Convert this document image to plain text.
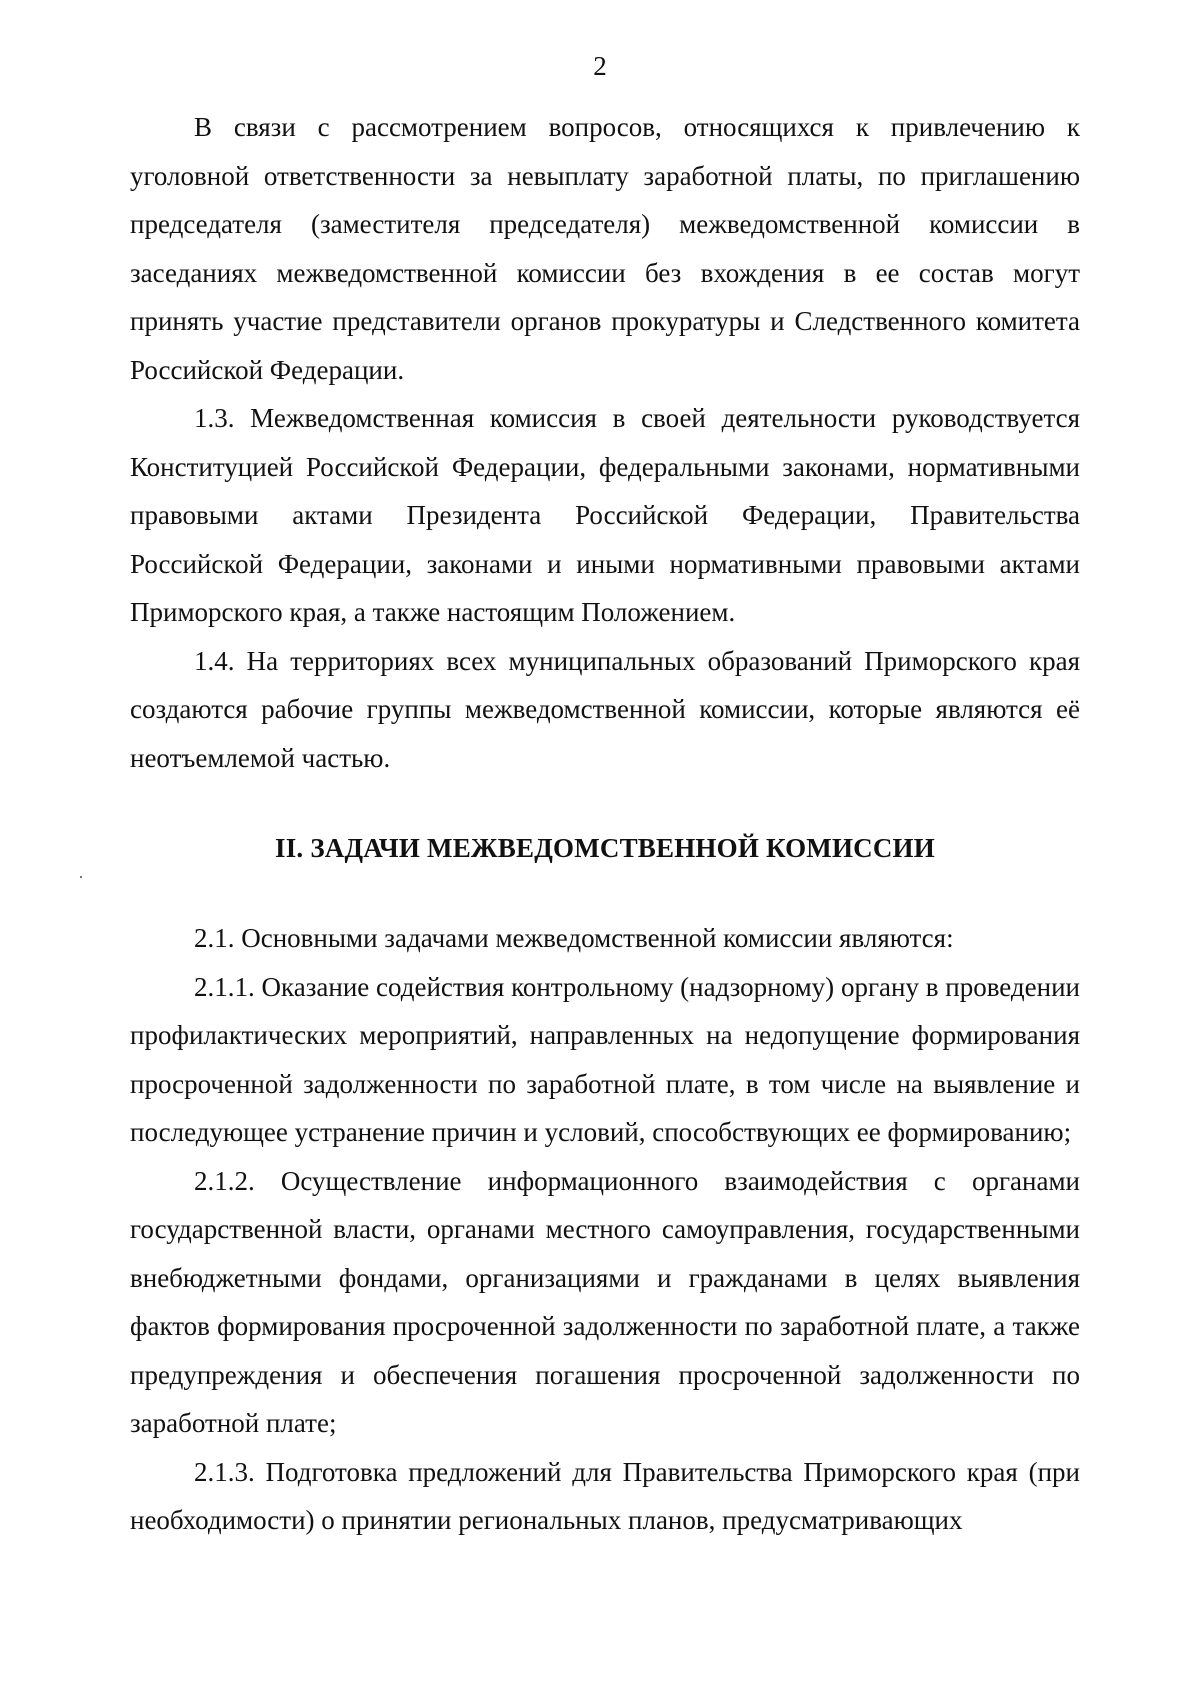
2

В связи с рассмотрением вопросов, относящихся к привлечению к уголовной ответственности за невыплату заработной платы, по приглашению председателя (заместителя председателя) межведомственной комиссии в заседаниях межведомственной комиссии без вхождения в ее состав могут принять участие представители органов прокуратуры и Следственного комитета Российской Федерации.

1.3. Межведомственная комиссия в своей деятельности руководствуется Конституцией Российской Федерации, федеральными законами, нормативными правовыми актами Президента Российской Федерации, Правительства Российской Федерации, законами и иными нормативными правовыми актами Приморского края, а также настоящим Положением.

1.4. На территориях всех муниципальных образований Приморского края создаются рабочие группы межведомственной комиссии, которые являются её неотъемлемой частью.

II. ЗАДАЧИ МЕЖВЕДОМСТВЕННОЙ КОМИССИИ

2.1. Основными задачами межведомственной комиссии являются:

2.1.1. Оказание содействия контрольному (надзорному) органу в проведении профилактических мероприятий, направленных на недопущение формирования просроченной задолженности по заработной плате, в том числе на выявление и последующее устранение причин и условий, способствующих ее формированию;

2.1.2. Осуществление информационного взаимодействия с органами государственной власти, органами местного самоуправления, государственными внебюджетными фондами, организациями и гражданами в целях выявления фактов формирования просроченной задолженности по заработной плате, а также предупреждения и обеспечения погашения просроченной задолженности по заработной плате;

2.1.3. Подготовка предложений для Правительства Приморского края (при необходимости) о принятии региональных планов, предусматривающих
